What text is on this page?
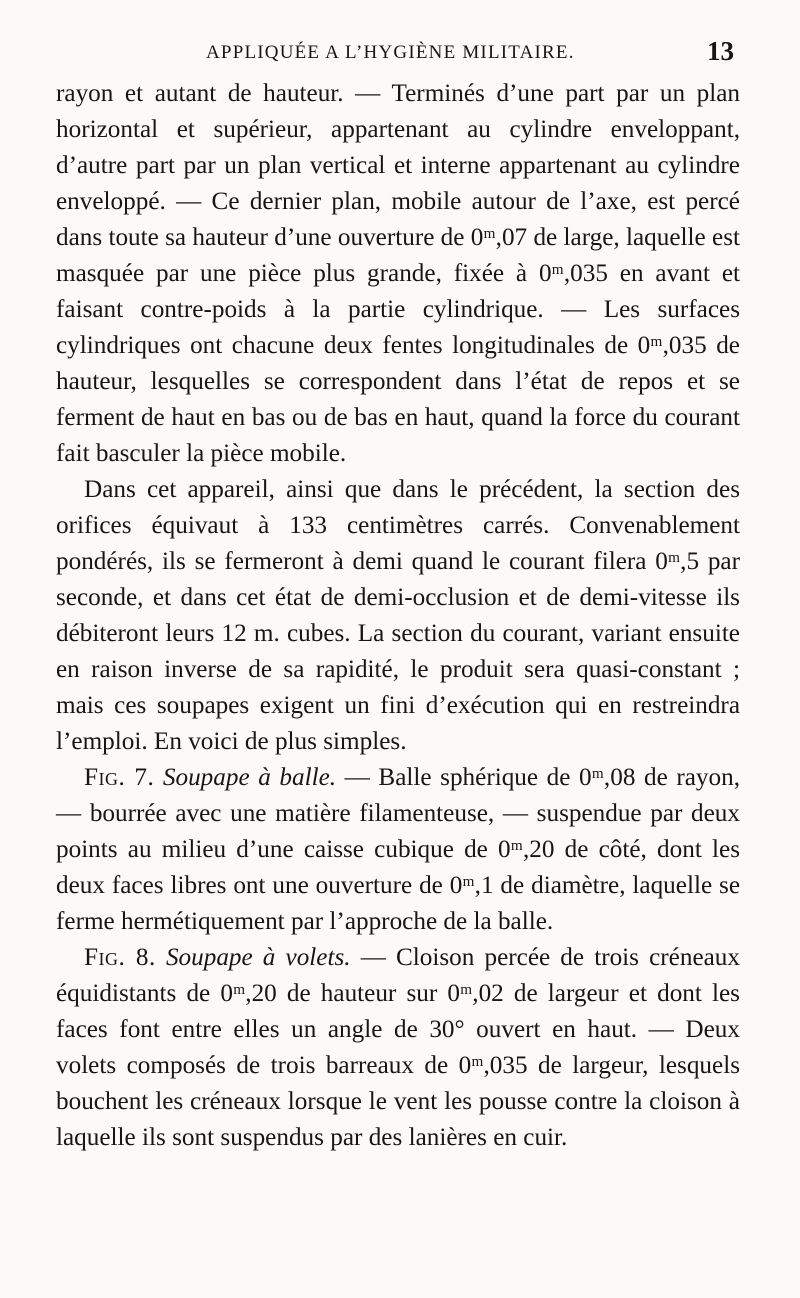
APPLIQUÉE A L’HYGIÈNE MILITAIRE.	13

rayon et autant de hauteur. — Terminés d’une part par un plan horizontal et supérieur, appartenant au cylindre enveloppant, d’autre part par un plan vertical et interne appartenant au cylindre enveloppé. — Ce dernier plan, mobile autour de l’axe, est percé dans toute sa hauteur d’une ouverture de 0ᵐ,07 de large, laquelle est masquée par une pièce plus grande, fixée à 0ᵐ,035 en avant et faisant contre-poids à la partie cylindrique. — Les surfaces cylindriques ont chacune deux fentes longitudinales de 0ᵐ,035 de hauteur, lesquelles se correspondent dans l’état de repos et se ferment de haut en bas ou de bas en haut, quand la force du courant fait basculer la pièce mobile.

Dans cet appareil, ainsi que dans le précédent, la section des orifices équivaut à 133 centimètres carrés. Convenablement pondérés, ils se fermeront à demi quand le courant filera 0ᵐ,5 par seconde, et dans cet état de demi-occlusion et de demi-vitesse ils débiteront leurs 12 m. cubes. La section du courant, variant ensuite en raison inverse de sa rapidité, le produit sera quasi-constant ; mais ces soupapes exigent un fini d’exécution qui en restreindra l’emploi. En voici de plus simples.

Fig. 7. Soupape à balle. — Balle sphérique de 0ᵐ,08 de rayon, — bourrée avec une matière filamenteuse, — suspendue par deux points au milieu d’une caisse cubique de 0ᵐ,20 de côté, dont les deux faces libres ont une ouverture de 0ᵐ,1 de diamètre, laquelle se ferme hermétiquement par l’approche de la balle.

Fig. 8. Soupape à volets. — Cloison percée de trois créneaux équidistants de 0ᵐ,20 de hauteur sur 0ᵐ,02 de largeur et dont les faces font entre elles un angle de 30° ouvert en haut. — Deux volets composés de trois barreaux de 0ᵐ,035 de largeur, lesquels bouchent les créneaux lorsque le vent les pousse contre la cloison à laquelle ils sont suspendus par des lanières en cuir.
